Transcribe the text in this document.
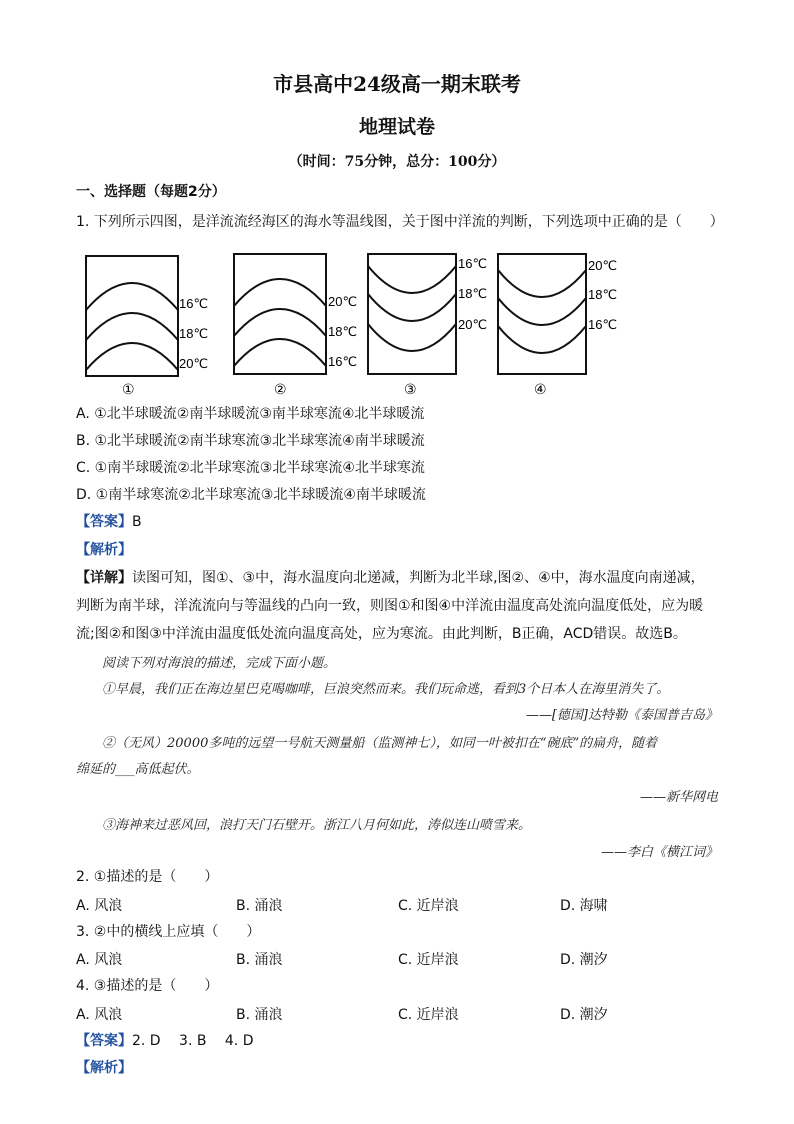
市县高中24级高一期末联考
地理试卷
（时间：75分钟，总分：100分）
一、选择题（每题2分）
1. 下列所示四图，是洋流流经海区的海水等温线图，关于图中洋流的判断，下列选项中正确的是（　　）
16℃
18℃
20℃
①
20℃
18℃
16℃
②
16℃
18℃
20℃
③
20℃
18℃
16℃
④
A. ①北半球暖流②南半球暖流③南半球寒流④北半球暖流
B. ①北半球暖流②南半球寒流③北半球寒流④南半球暖流
C. ①南半球暖流②北半球寒流③北半球寒流④北半球寒流
D. ①南半球寒流②北半球寒流③北半球暖流④南半球暖流
【答案】B
【解析】
【详解】读图可知，图①、③中，海水温度向北递减，判断为北半球,图②、④中，海水温度向南递减，
判断为南半球，洋流流向与等温线的凸向一致，则图①和图④中洋流由温度高处流向温度低处，应为暖
流;图②和图③中洋流由温度低处流向温度高处，应为寒流。由此判断，B正确，ACD错误。故选B。
阅读下列对海浪的描述，完成下面小题。
①早晨，我们正在海边星巴克喝咖啡，巨浪突然而来。我们玩命逃，看到3个日本人在海里消失了。
——[德国]达特勒《泰国普吉岛》
②（无风）20000多吨的远望一号航天测量船（监测神七），如同一叶被扣在“碗底”的扁舟，随着
绵延的___高低起伏。
——新华网电
③海神来过恶风回，浪打天门石壁开。浙江八月何如此，涛似连山喷雪来。
——李白《横江词》
2. ①描述的是（　　）
A. 风浪	B. 涌浪	C. 近岸浪	D. 海啸
3. ②中的横线上应填（　　）
A. 风浪	B. 涌浪	C. 近岸浪	D. 潮汐
4. ③描述的是（　　）
A. 风浪	B. 涌浪	C. 近岸浪	D. 潮汐
【答案】2. D　 3. B　 4. D
【解析】
